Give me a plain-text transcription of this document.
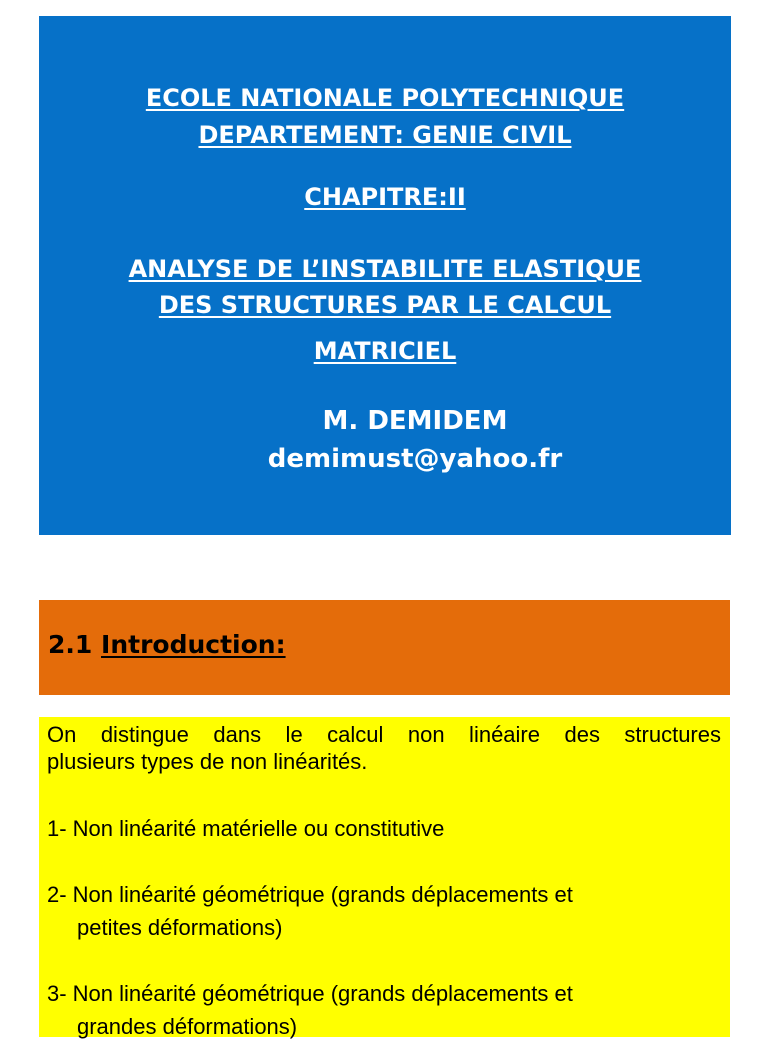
ECOLE NATIONALE POLYTECHNIQUE
DEPARTEMENT: GENIE CIVIL
CHAPITRE:II
ANALYSE DE L’INSTABILITE ELASTIQUE
DES STRUCTURES PAR LE CALCUL
MATRICIEL
M. DEMIDEM
demimust@yahoo.fr
2.1 Introduction:
On distingue dans le calcul non linéaire des structures
plusieurs types de non linéarités.
1- Non linéarité matérielle ou constitutive
2- Non linéarité géométrique (grands déplacements et
petites déformations)
3- Non linéarité géométrique (grands déplacements et
grandes déformations)
